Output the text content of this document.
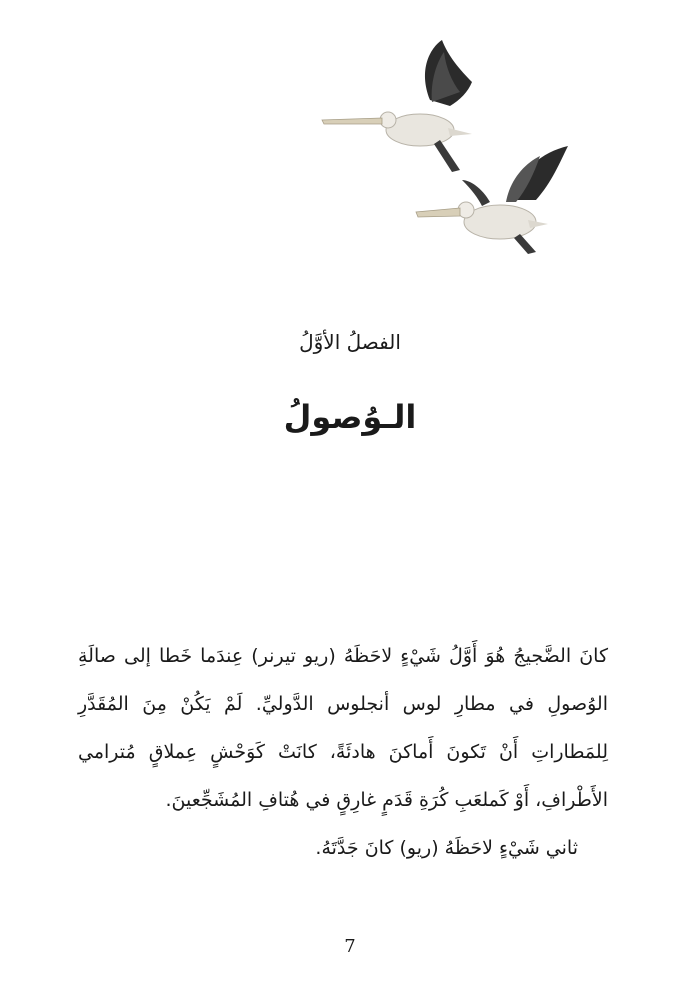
الفصلُ الأوَّلُ
الـوُصولُ

كانَ الضَّجيجُ هُوَ أَوَّلُ شَيْءٍ لاحَظَهُ (ريو تيرنر) عِندَما خَطا إلى صالَةِ الوُصولِ في مطارِ لوس أنجلوس الدَّوليِّ. لَمْ يَكُنْ مِنَ المُقَدَّرِ لِلمَطاراتِ أَنْ تَكونَ أَماكنَ هادئَةً، كانَتْ كَوَحْشٍ عِملاقٍ مُترامي الأَطْرافِ، أَوْ كَملعَبِ كُرَةِ قَدَمٍ غارِقٍ في هُتافِ المُشَجِّعينَ.

ثاني شَيْءٍ لاحَظَهُ (ريو) كانَ جَدَّتَهُ.

7
